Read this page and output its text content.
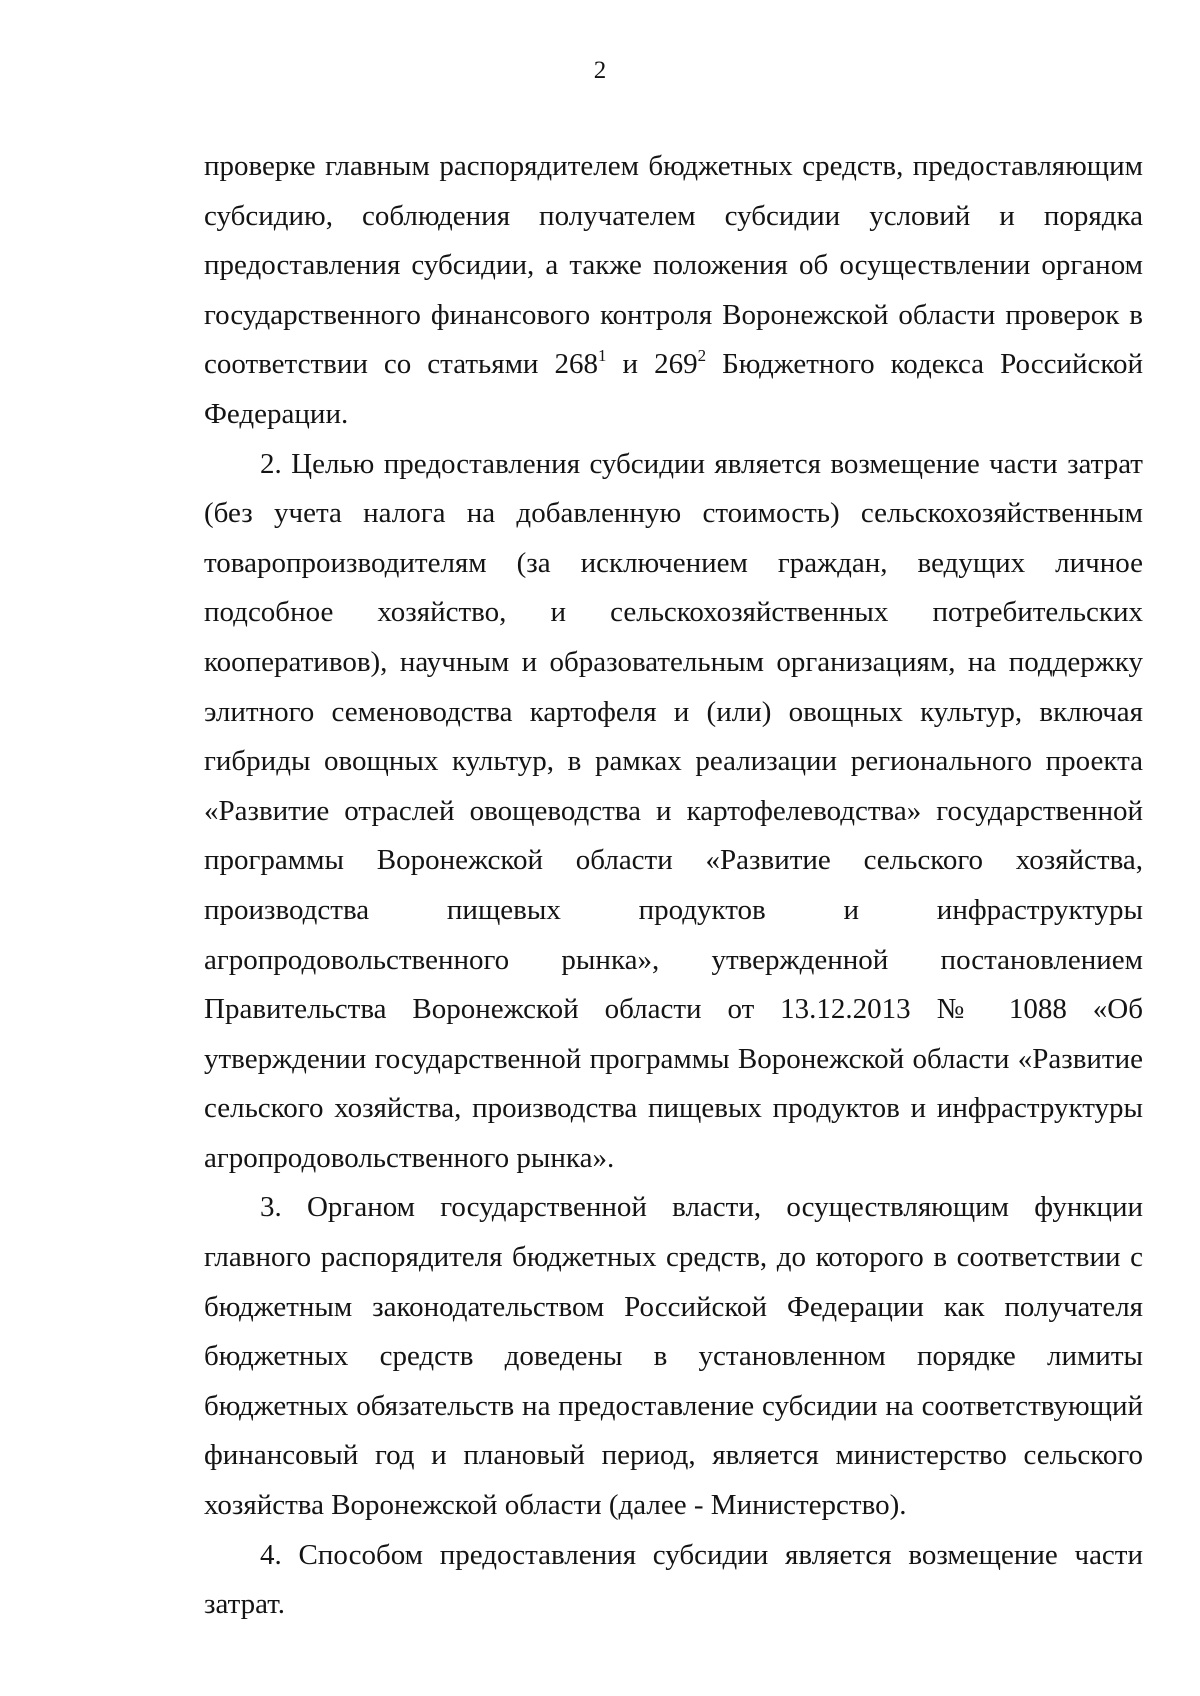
2

проверке главным распорядителем бюджетных средств, предоставляющим субсидию, соблюдения получателем субсидии условий и порядка предоставления субсидии, а также положения об осуществлении органом государственного финансового контроля Воронежской области проверок в соответствии со статьями $268^1$ и $269^2$ Бюджетного кодекса Российской Федерации.

2. Целью предоставления субсидии является возмещение части затрат (без учета налога на добавленную стоимость) сельскохозяйственным товаропроизводителям (за исключением граждан, ведущих личное подсобное хозяйство, и сельскохозяйственных потребительских кооперативов), научным и образовательным организациям, на поддержку элитного семеноводства картофеля и (или) овощных культур, включая гибриды овощных культур, в рамках реализации регионального проекта «Развитие отраслей овощеводства и картофелеводства» государственной программы Воронежской области «Развитие сельского хозяйства, производства пищевых продуктов и инфраструктуры агропродовольственного рынка», утвержденной постановлением Правительства Воронежской области от 13.12.2013 № 1088 «Об утверждении государственной программы Воронежской области «Развитие сельского хозяйства, производства пищевых продуктов и инфраструктуры агропродовольственного рынка».

3. Органом государственной власти, осуществляющим функции главного распорядителя бюджетных средств, до которого в соответствии с бюджетным законодательством Российской Федерации как получателя бюджетных средств доведены в установленном порядке лимиты бюджетных обязательств на предоставление субсидии на соответствующий финансовый год и плановый период, является министерство сельского хозяйства Воронежской области (далее - Министерство).

4. Способом предоставления субсидии является возмещение части затрат.
